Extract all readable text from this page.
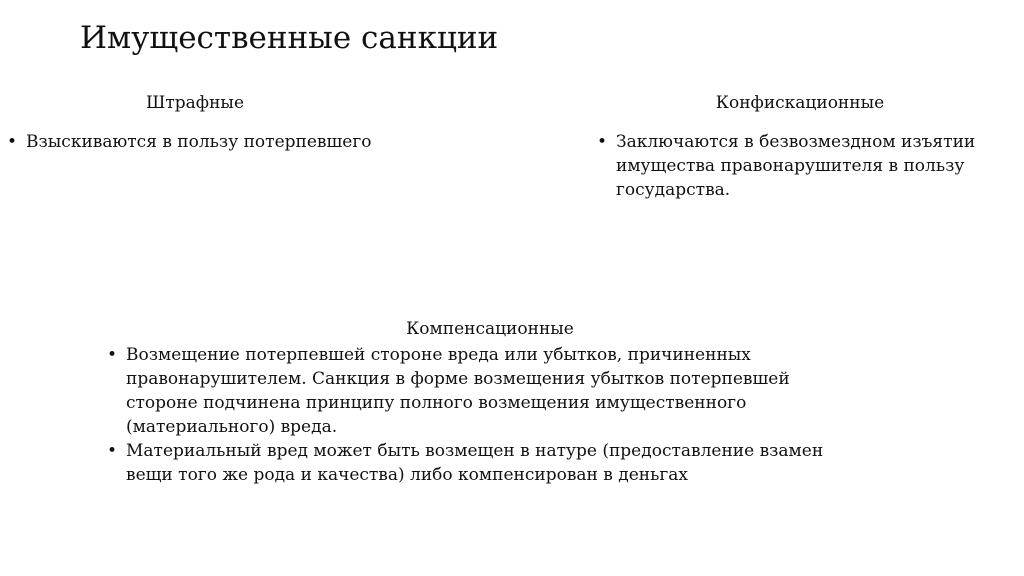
Имущественные санкции
Штрафные
• Взыскиваются в пользу потерпевшего
Конфискационные
• Заключаются в безвозмездном изъятии имущества правонарушителя в пользу государства.
Компенсационные
• Возмещение потерпевшей стороне вреда или убытков, причиненных правонарушителем. Санкция в форме возмещения убытков потерпевшей стороне подчинена принципу полного возмещения имущественного (материального) вреда.
• Материальный вред может быть возмещен в натуре (предоставление взамен вещи того же рода и качества) либо компенсирован в деньгах
